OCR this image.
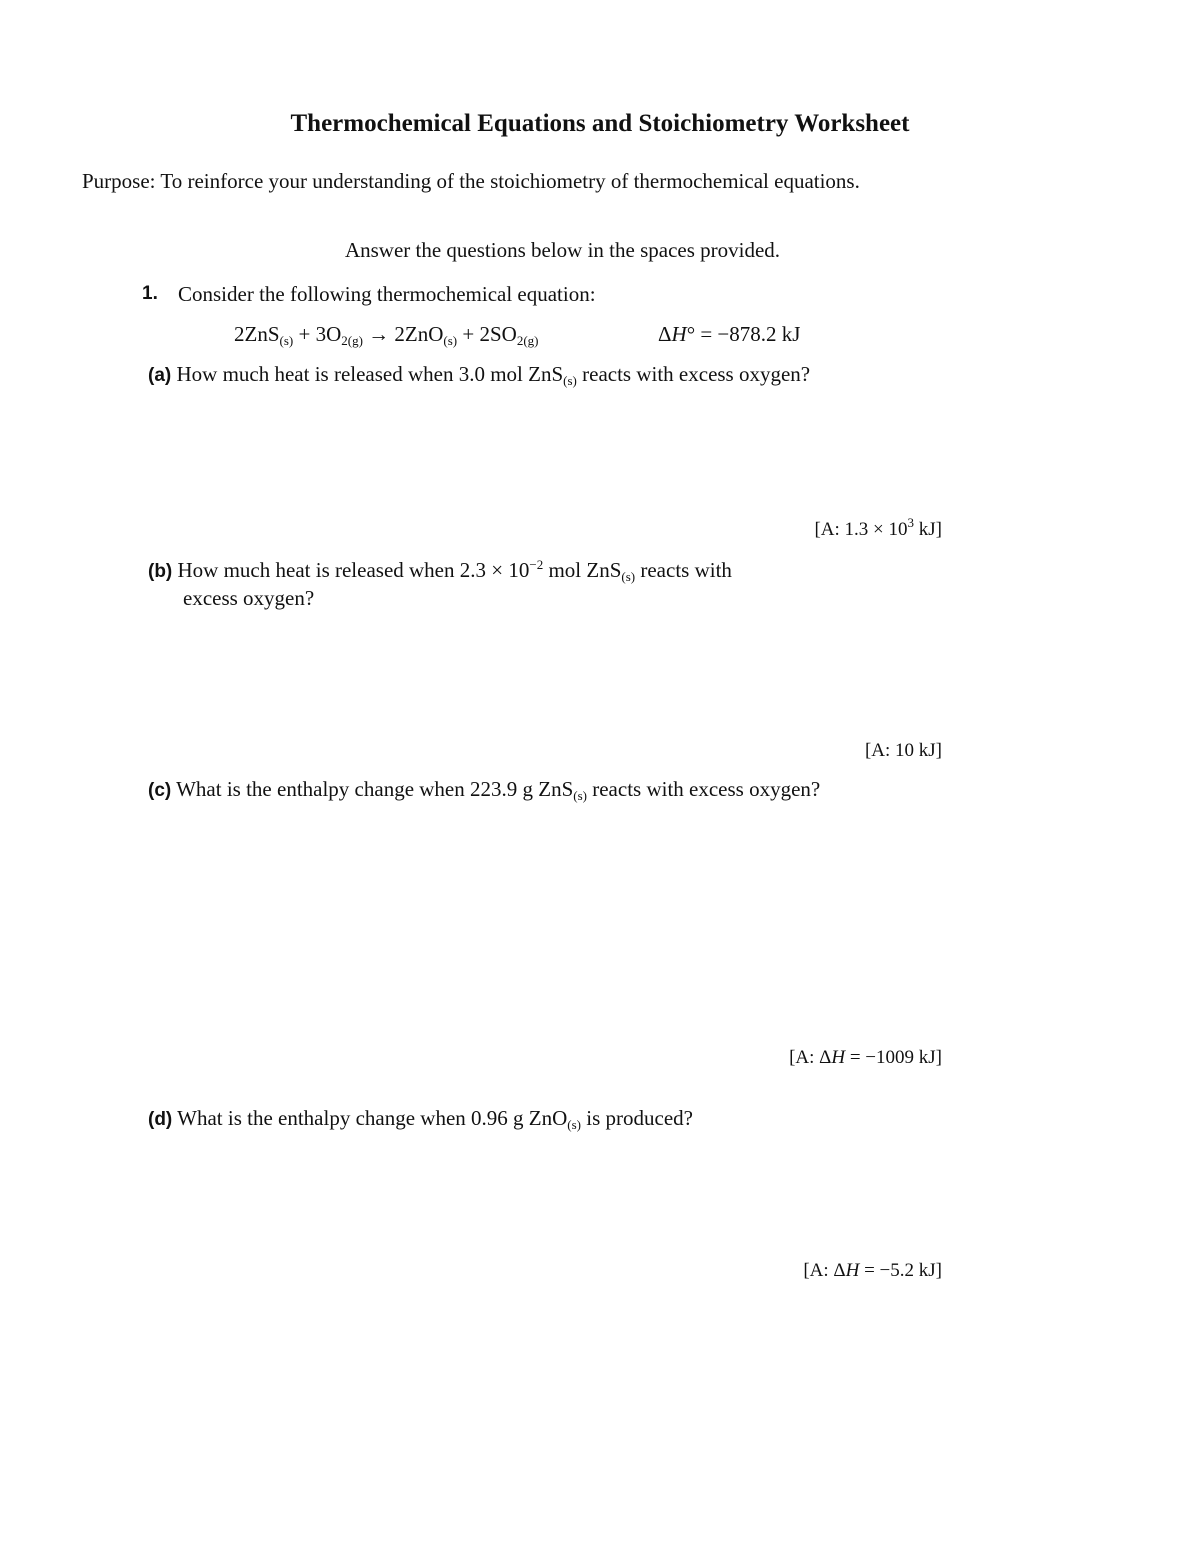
Thermochemical Equations and Stoichiometry Worksheet
Purpose: To reinforce your understanding of the stoichiometry of thermochemical equations.
Answer the questions below in the spaces provided.
1. Consider the following thermochemical equation:
$2ZnS_{(s)} + 3O_{2(g)} \to 2ZnO_{(s)} + 2SO_{2(g)}$	ΔH° = −878.2 kJ
(a) How much heat is released when 3.0 mol ZnS$_{(s)}$ reacts with excess oxygen?
[A: $1.3 \times 10^3$ kJ]
(b) How much heat is released when $2.3 \times 10^{-2}$ mol ZnS$_{(s)}$ reacts with
excess oxygen?
[A: 10 kJ]
(c) What is the enthalpy change when 223.9 g ZnS$_{(s)}$ reacts with excess oxygen?
[A: ΔH = −1009 kJ]
(d) What is the enthalpy change when 0.96 g ZnO$_{(s)}$ is produced?
[A: ΔH = −5.2 kJ]
